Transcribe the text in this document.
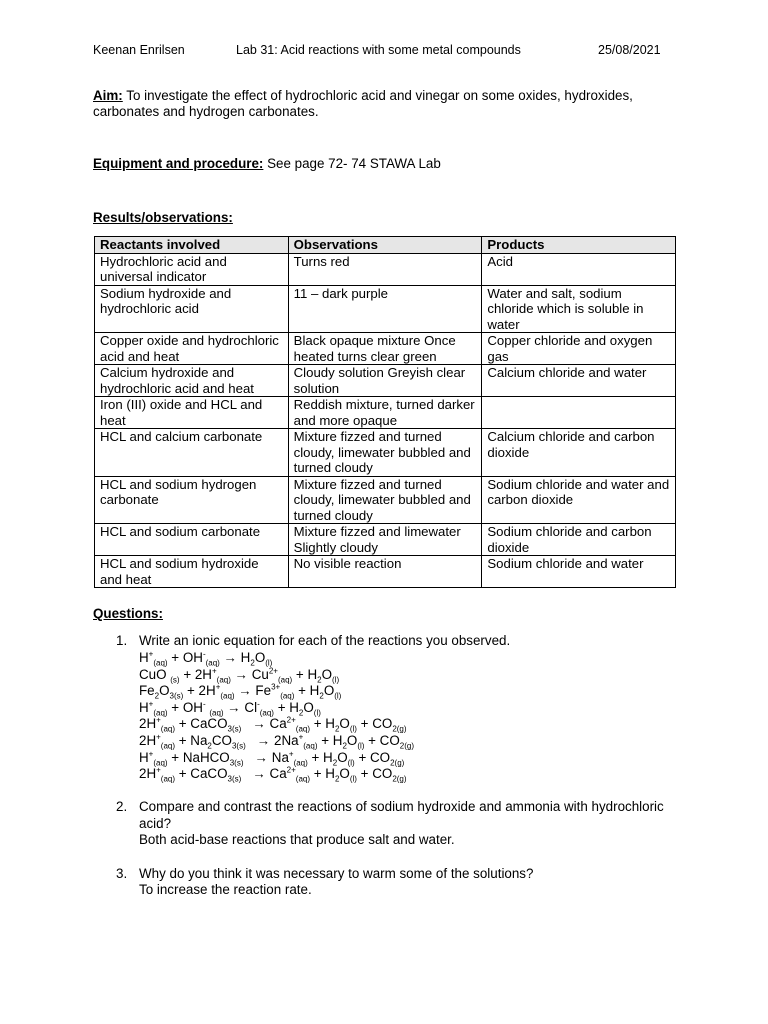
Keenan Enrilsen	Lab 31: Acid reactions with some metal compounds	25/08/2021
Aim: To investigate the effect of hydrochloric acid and vinegar on some oxides, hydroxides, carbonates and hydrogen carbonates.
Equipment and procedure: See page 72- 74 STAWA Lab
Results/observations:
Reactants involved	Observations	Products
Hydrochloric acid and universal indicator	Turns red	Acid
Sodium hydroxide and hydrochloric acid	11 – dark purple	Water and salt, sodium chloride which is soluble in water
Copper oxide and hydrochloric acid and heat	Black opaque mixture Once heated turns clear green	Copper chloride and oxygen gas
Calcium hydroxide and hydrochloric acid and heat	Cloudy solution Greyish clear solution	Calcium chloride and water
Iron (III) oxide and HCL and heat	Reddish mixture, turned darker and more opaque	
HCL and calcium carbonate	Mixture fizzed and turned cloudy, limewater bubbled and turned cloudy	Calcium chloride and carbon dioxide
HCL and sodium hydrogen carbonate	Mixture fizzed and turned cloudy, limewater bubbled and turned cloudy	Sodium chloride and water and carbon dioxide
HCL and sodium carbonate	Mixture fizzed and limewater Slightly cloudy	Sodium chloride and carbon dioxide
HCL and sodium hydroxide and heat	No visible reaction	Sodium chloride and water
Questions:
1. Write an ionic equation for each of the reactions you observed.
$H^+_{(aq)} + OH^-_{(aq)} \to H_2O_{(l)}$
CuO $_{(s)} + 2H^+_{(aq)} \to Cu^{2+}_{(aq)} + H_2O_{(l)}$
$Fe_2O_{3(s)} + 2H^+_{(aq)} \to Fe^{3+}_{(aq)} + H_2O_{(l)}$
$H^+_{(aq)} + OH^-$ $_{(aq)} \to Cl^-_{(aq)} + H_2O_{(l)}$
$2H^+_{(aq)}$ + CaCO$_{3(s)}$   → $Ca^{2+}_{(aq)} + H_2O_{(l)} + CO_{2(g)}$
$2H^+_{(aq)} + Na_2CO_{3(s)} \to 2Na^+_{(aq)} + H_2O_{(l)} + CO_{2(g)}$
$H^+_{(aq)}$ + NaHCO$_{3(s)}$   → $Na^+_{(aq)} + H_2O_{(l)} + CO_{2(g)}$
$2H^+_{(aq)}$ + CaCO$_{3(s)}$   → $Ca^{2+}_{(aq)} + H_2O_{(l)} + CO_{2(g)}$
2. Compare and contrast the reactions of sodium hydroxide and ammonia with hydrochloric acid?
Both acid-base reactions that produce salt and water.
3. Why do you think it was necessary to warm some of the solutions?
To increase the reaction rate.
